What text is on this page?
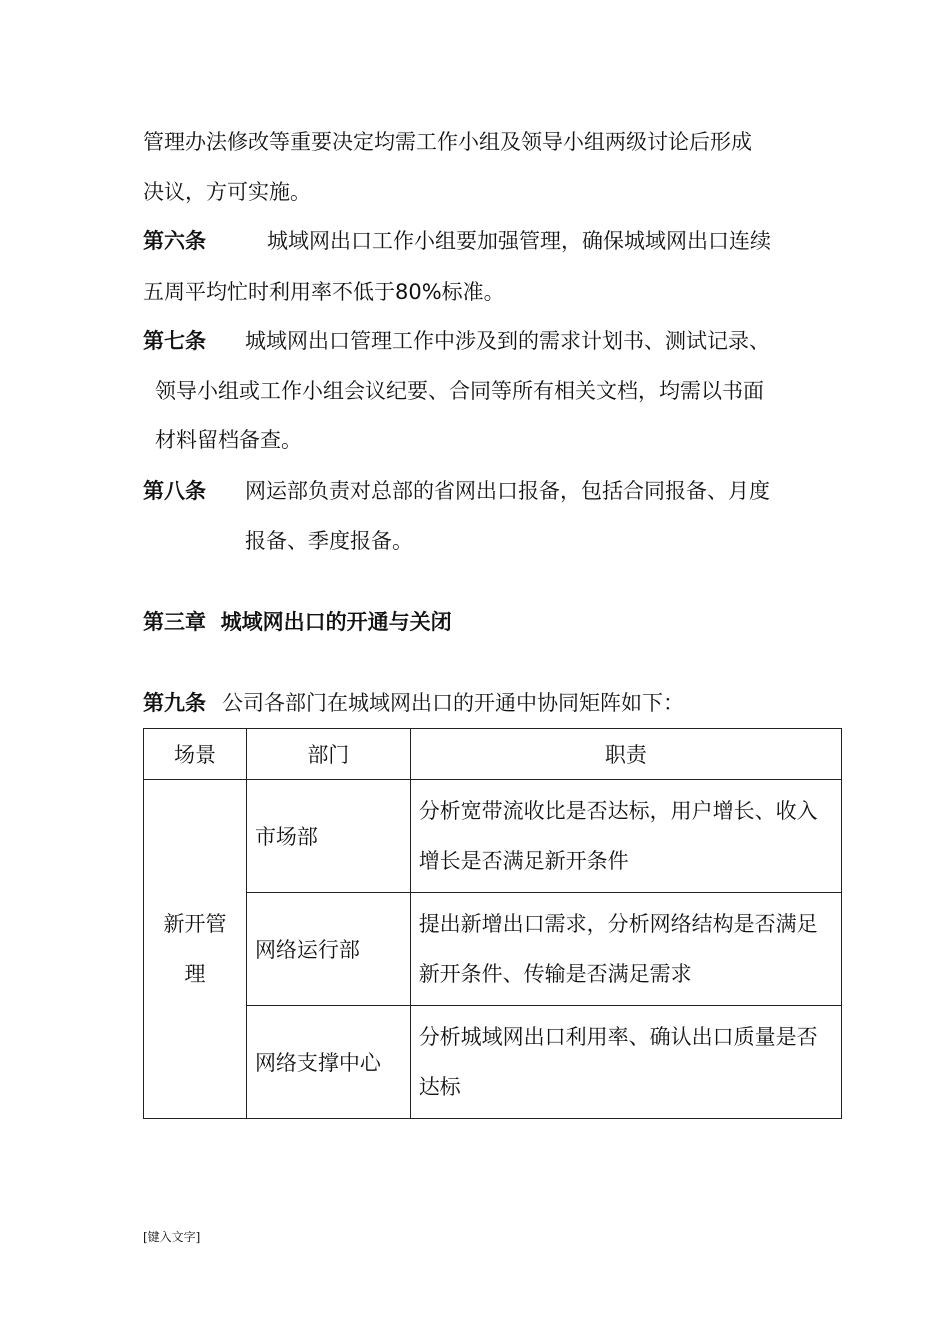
管理办法修改等重要决定均需工作小组及领导小组两级讨论后形成
决议，方可实施。
第六条	城域网出口工作小组要加强管理，确保城域网出口连续
五周平均忙时利用率不低于80%标准。
第七条 城域网出口管理工作中涉及到的需求计划书、测试记录、
领导小组或工作小组会议纪要、合同等所有相关文档，均需以书面
材料留档备查。
第八条 网运部负责对总部的省网出口报备，包括合同报备、月度
报备、季度报备。
第三章  城域网出口的开通与关闭
第九条 公司各部门在城域网出口的开通中协同矩阵如下：
场景	部门	职责

新开管理	市场部	分析宽带流收比是否达标，用户增长、收入增长是否满足新开条件
	网络运行部	提出新增出口需求，分析网络结构是否满足新开条件、传输是否满足需求
	网络支撑中心	分析城域网出口利用率、确认出口质量是否达标
[键入文字]
